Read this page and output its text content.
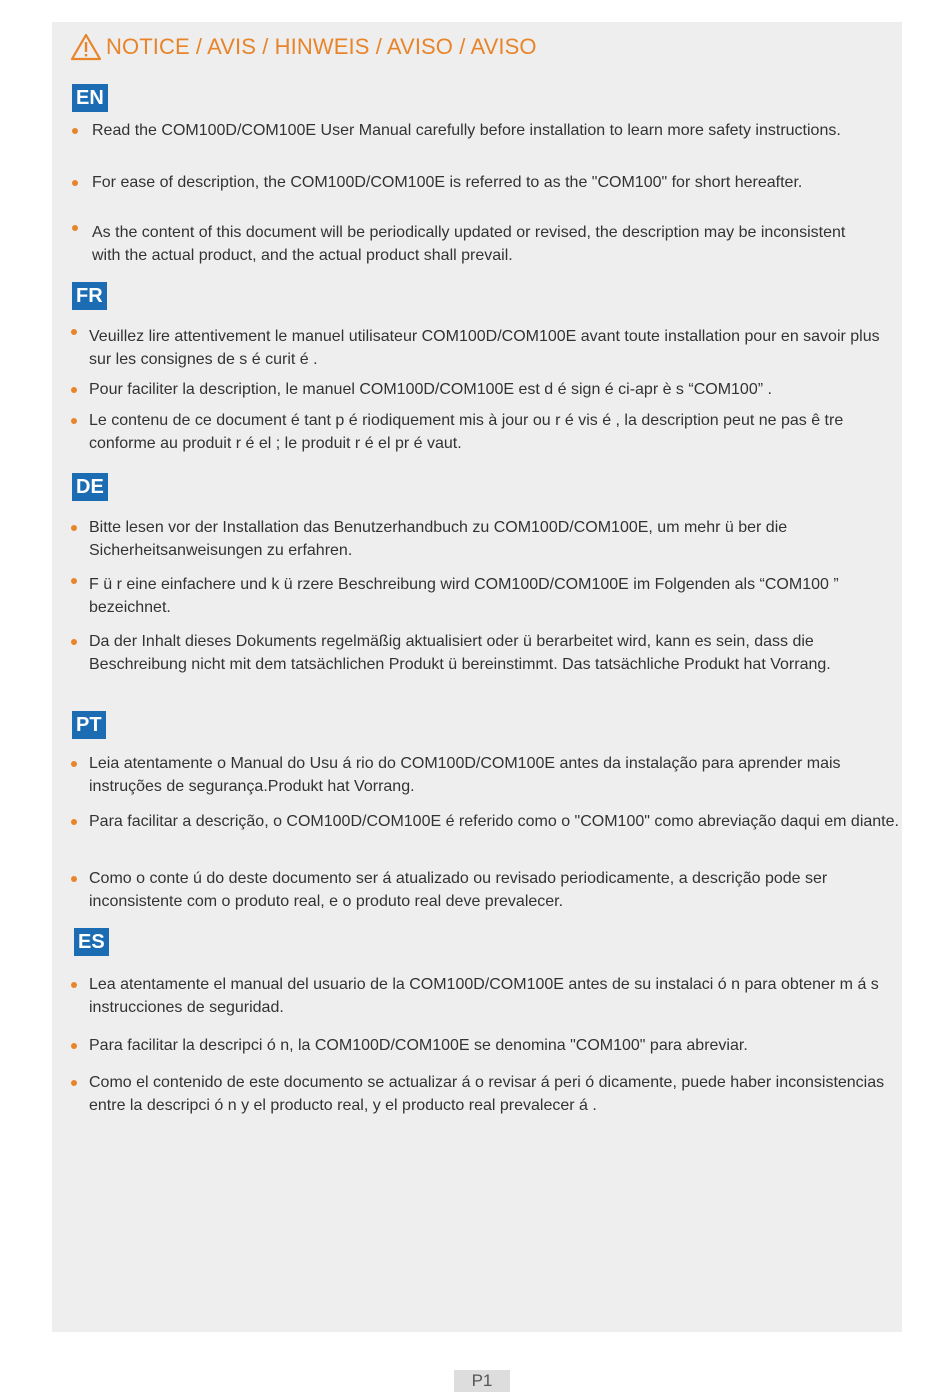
NOTICE / AVIS / HINWEIS / AVISO / AVISO
EN
Read the COM100D/COM100E User Manual carefully before installation to learn more safety instructions.
For ease of description, the COM100D/COM100E is referred to as the "COM100" for short hereafter.
As the content of this document will be periodically updated or revised, the description may be inconsistent with the actual product, and the actual product shall prevail.
FR
Veuillez lire attentivement le manuel utilisateur COM100D/COM100E avant toute installation pour en savoir plus sur les consignes de s é curit é .
Pour faciliter la description, le manuel COM100D/COM100E est d é sign é ci-apr è s “COM100” .
Le contenu de ce document é tant p é riodiquement mis à jour ou r é vis é , la description peut ne pas ê tre conforme au produit r é el ; le produit r é el pr é vaut.
DE
Bitte lesen vor der Installation das Benutzerhandbuch zu COM100D/COM100E, um mehr ü ber die Sicherheitsanweisungen zu erfahren.
F ü r eine einfachere und k ü rzere Beschreibung wird COM100D/COM100E im Folgenden als “COM100 ” bezeichnet.
Da der Inhalt dieses Dokuments regelmäßig aktualisiert oder ü berarbeitet wird, kann es sein, dass die Beschreibung nicht mit dem tatsächlichen Produkt ü bereinstimmt. Das tatsächliche Produkt hat Vorrang.
PT
Leia atentamente o Manual do Usu á rio do COM100D/COM100E antes da instalação para aprender mais instruções de segurança.Produkt hat Vorrang.
Para facilitar a descrição, o COM100D/COM100E é referido como o "COM100" como abreviação daqui em diante.
Como o conte ú do deste documento ser á atualizado ou revisado periodicamente, a descrição pode ser inconsistente com o produto real, e o produto real deve prevalecer.
ES
Lea atentamente el manual del usuario de la COM100D/COM100E antes de su instalaci ó n para obtener m á s instrucciones de seguridad.
Para facilitar la descripci ó n, la COM100D/COM100E se denomina "COM100" para abreviar.
Como el contenido de este documento se actualizar á o revisar á peri ó dicamente, puede haber inconsistencias entre la descripci ó n y el producto real, y el producto real prevalecer á .
P1
